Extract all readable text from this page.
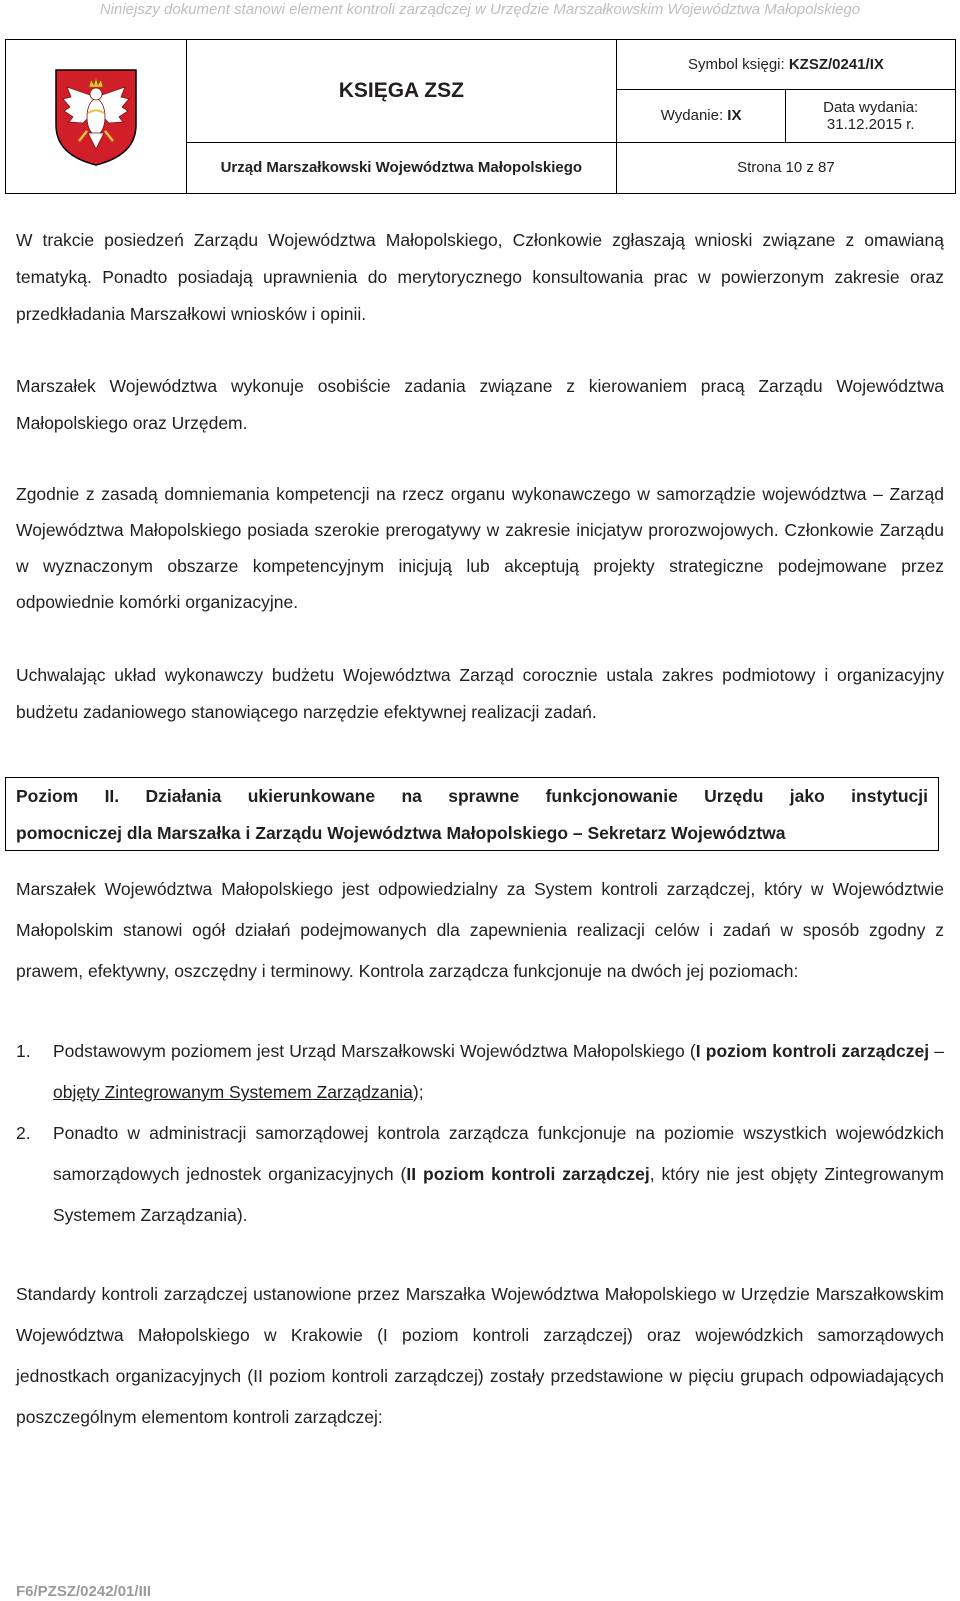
Niniejszy dokument stanowi element kontroli zarządczej w Urzędzie Marszałkowskim Województwa Małopolskiego
	KSIĘGA ZSZ	Symbol księgi: KZSZ/0241/IX	
		Wydanie: IX	Data wydania:
31.12.2015 r.

	Urząd Marszałkowski Województwa Małopolskiego	Strona 10 z 87	

W trakcie posiedzeń Zarządu Województwa Małopolskiego, Członkowie zgłaszają wnioski związane z omawianą tematyką. Ponadto posiadają uprawnienia do merytorycznego konsultowania prac w powierzonym zakresie oraz przedkładania Marszałkowi wniosków i opinii.

Marszałek Województwa wykonuje osobiście zadania związane z kierowaniem pracą Zarządu Województwa Małopolskiego oraz Urzędem.

Zgodnie z zasadą domniemania kompetencji na rzecz organu wykonawczego w samorządzie województwa – Zarząd Województwa Małopolskiego posiada szerokie prerogatywy w zakresie inicjatyw prorozwojowych. Członkowie Zarządu w wyznaczonym obszarze kompetencyjnym inicjują lub akceptują projekty strategiczne podejmowane przez odpowiednie komórki organizacyjne.

Uchwalając układ wykonawczy budżetu Województwa Zarząd corocznie ustala zakres podmiotowy i organizacyjny budżetu zadaniowego stanowiącego narzędzie efektywnej realizacji zadań.

Poziom II. Działania ukierunkowane na sprawne funkcjonowanie Urzędu jako instytucji
pomocniczej dla Marszałka i Zarządu Województwa Małopolskiego – Sekretarz Województwa

Marszałek Województwa Małopolskiego jest odpowiedzialny za System kontroli zarządczej, który w Województwie Małopolskim stanowi ogół działań podejmowanych dla zapewnienia realizacji celów i zadań w sposób zgodny z prawem, efektywny, oszczędny i terminowy. Kontrola zarządcza funkcjonuje na dwóch jej poziomach:

1. Podstawowym poziomem jest Urząd Marszałkowski Województwa Małopolskiego (I poziom kontroli zarządczej – objęty Zintegrowanym Systemem Zarządzania);
2. Ponadto w administracji samorządowej kontrola zarządcza funkcjonuje na poziomie wszystkich wojewódzkich samorządowych jednostek organizacyjnych (II poziom kontroli zarządczej, który nie jest objęty Zintegrowanym Systemem Zarządzania).

Standardy kontroli zarządczej ustanowione przez Marszałka Województwa Małopolskiego w Urzędzie Marszałkowskim Województwa Małopolskiego w Krakowie (I poziom kontroli zarządczej) oraz wojewódzkich samorządowych jednostkach organizacyjnych (II poziom kontroli zarządczej) zostały przedstawione w pięciu grupach odpowiadających poszczególnym elementom kontroli zarządczej:

F6/PZSZ/0242/01/III
